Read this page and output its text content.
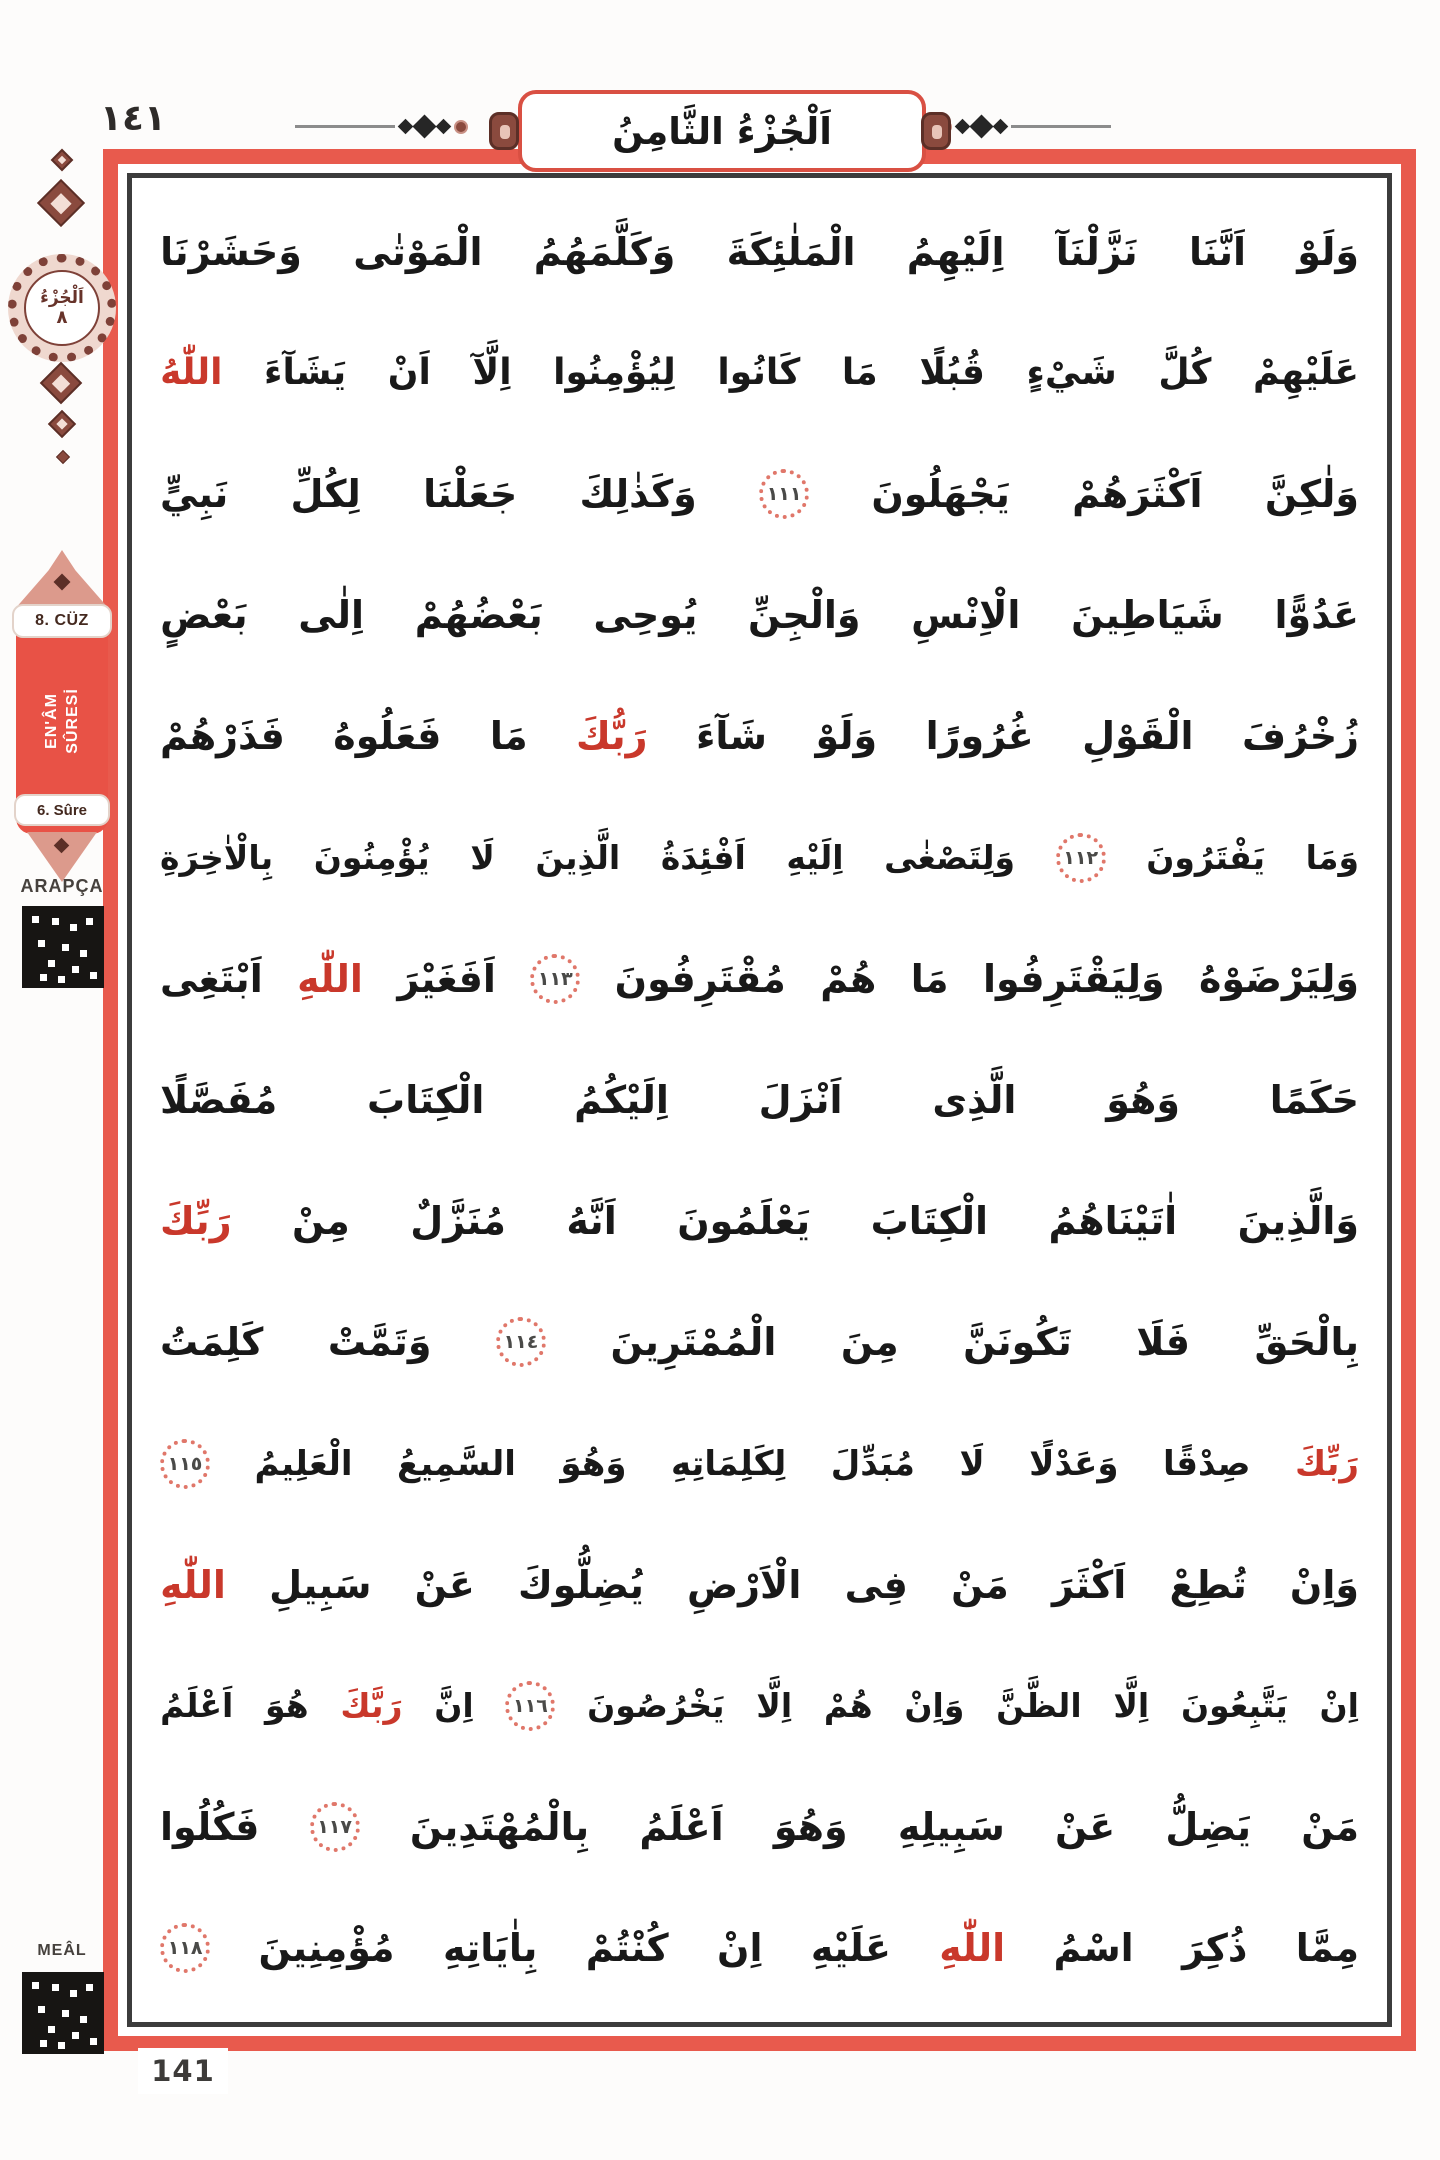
١٤١	اَلْجُزْءُ الثَّامِنُ
وَلَوْ
اَنَّنَا
نَزَّلْنَآ
اِلَيْهِمُ
الْمَلٰئِكَةَ
وَكَلَّمَهُمُ
الْمَوْتٰى
وَحَشَرْنَا
عَلَيْهِمْ
كُلَّ
شَيْءٍ
قُبُلًا
مَا
كَانُوا
لِيُؤْمِنُوا
اِلَّآ
اَنْ
يَشَآءَ
اللّٰهُ
وَلٰكِنَّ
اَكْثَرَهُمْ
يَجْهَلُونَ
١١١
وَكَذٰلِكَ
جَعَلْنَا
لِكُلِّ
نَبِيٍّ
عَدُوًّا
شَيَاطِينَ
الْاِنْسِ
وَالْجِنِّ
يُوحِى
بَعْضُهُمْ
اِلٰى
بَعْضٍ
زُخْرُفَ
الْقَوْلِ
غُرُورًا
وَلَوْ
شَآءَ
رَبُّكَ
مَا
فَعَلُوهُ
فَذَرْهُمْ
وَمَا
يَفْتَرُونَ
١١٢
وَلِتَصْغٰى
اِلَيْهِ
اَفْئِدَةُ
الَّذِينَ
لَا
يُؤْمِنُونَ
بِالْاٰخِرَةِ
وَلِيَرْضَوْهُ
وَلِيَقْتَرِفُوا
مَا
هُمْ
مُقْتَرِفُونَ
١١٣
اَفَغَيْرَ
اللّٰهِ
اَبْتَغِى
حَكَمًا
وَهُوَ
الَّذِى
اَنْزَلَ
اِلَيْكُمُ
الْكِتَابَ
مُفَصَّلًا
وَالَّذِينَ
اٰتَيْنَاهُمُ
الْكِتَابَ
يَعْلَمُونَ
اَنَّهُ
مُنَزَّلٌ
مِنْ
رَبِّكَ
بِالْحَقِّ
فَلَا
تَكُونَنَّ
مِنَ
الْمُمْتَرِينَ
١١٤
وَتَمَّتْ
كَلِمَتُ
رَبِّكَ
صِدْقًا
وَعَدْلًا
لَا
مُبَدِّلَ
لِكَلِمَاتِهِ
وَهُوَ
السَّمِيعُ
الْعَلِيمُ
١١٥
وَاِنْ
تُطِعْ
اَكْثَرَ
مَنْ
فِى
الْاَرْضِ
يُضِلُّوكَ
عَنْ
سَبِيلِ
اللّٰهِ
اِنْ
يَتَّبِعُونَ
اِلَّا
الظَّنَّ
وَاِنْ
هُمْ
اِلَّا
يَخْرُصُونَ
١١٦
اِنَّ
رَبَّكَ
هُوَ
اَعْلَمُ
مَنْ
يَضِلُّ
عَنْ
سَبِيلِهِ
وَهُوَ
اَعْلَمُ
بِالْمُهْتَدِينَ
١١٧
فَكُلُوا
مِمَّا
ذُكِرَ
اسْمُ
اللّٰهِ
عَلَيْهِ
اِنْ
كُنْتُمْ
بِاٰيَاتِهِ
مُؤْمِنِينَ
١١٨
141
اَلْجُزْءُ
٨
8. CÜZ
EN'ÂM SÛRESİ
6. Sûre
ARAPÇA
MEÂL
